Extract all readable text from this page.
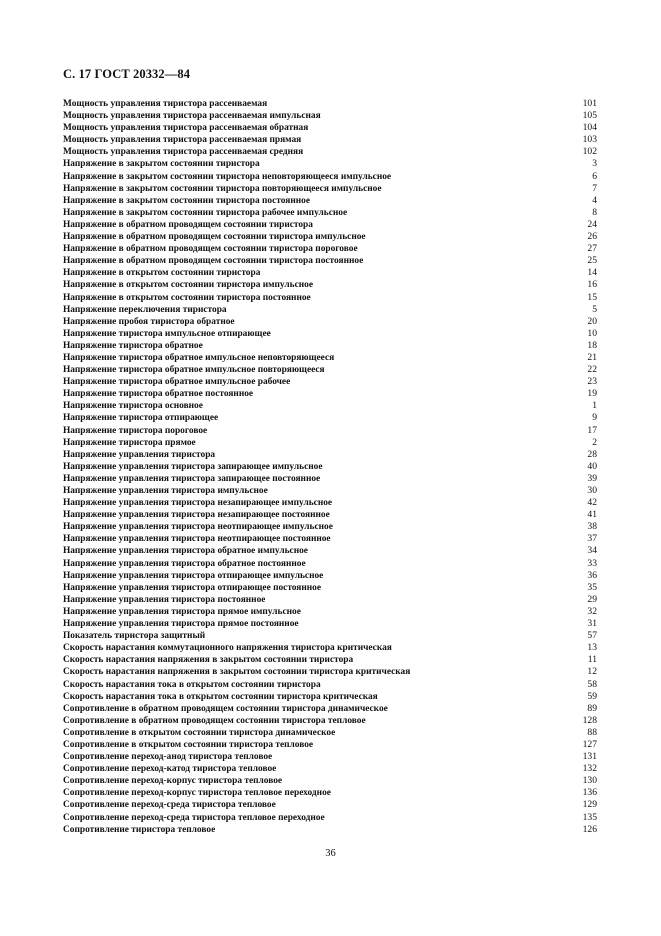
С. 17 ГОСТ 20332—84
Мощность управления тиристора рассеиваемая	101
Мощность управления тиристора рассеиваемая импульсная	105
Мощность управления тиристора рассеиваемая обратная	104
Мощность управления тиристора рассеиваемая прямая	103
Мощность управления тиристора рассеиваемая средняя	102
Напряжение в закрытом состоянии тиристора	3
Напряжение в закрытом состоянии тиристора неповторяющееся импульсное	6
Напряжение в закрытом состоянии тиристора повторяющееся импульсное	7
Напряжение в закрытом состоянии тиристора постоянное	4
Напряжение в закрытом состоянии тиристора рабочее импульсное	8
Напряжение в обратном проводящем состоянии тиристора	24
Напряжение в обратном проводящем состоянии тиристора импульсное	26
Напряжение в обратном проводящем состоянии тиристора пороговое	27
Напряжение в обратном проводящем состоянии тиристора постоянное	25
Напряжение в открытом состоянии тиристора	14
Напряжение в открытом состоянии тиристора импульсное	16
Напряжение в открытом состоянии тиристора постоянное	15
Напряжение переключения тиристора	5
Напряжение пробоя тиристора обратное	20
Напряжение тиристора импульсное отпирающее	10
Напряжение тиристора обратное	18
Напряжение тиристора обратное импульсное неповторяющееся	21
Напряжение тиристора обратное импульсное повторяющееся	22
Напряжение тиристора обратное импульсное рабочее	23
Напряжение тиристора обратное постоянное	19
Напряжение тиристора основное	1
Напряжение тиристора отпирающее	9
Напряжение тиристора пороговое	17
Напряжение тиристора прямое	2
Напряжение управления тиристора	28
Напряжение управления тиристора запирающее импульсное	40
Напряжение управления тиристора запирающее постоянное	39
Напряжение управления тиристора импульсное	30
Напряжение управления тиристора незапирающее импульсное	42
Напряжение управления тиристора незапирающее постоянное	41
Напряжение управления тиристора неотпирающее импульсное	38
Напряжение управления тиристора неотпирающее постоянное	37
Напряжение управления тиристора обратное импульсное	34
Напряжение управления тиристора обратное постоянное	33
Напряжение управления тиристора отпирающее импульсное	36
Напряжение управления тиристора отпирающее постоянное	35
Напряжение управления тиристора постоянное	29
Напряжение управления тиристора прямое импульсное	32
Напряжение управления тиристора прямое постоянное	31
Показатель тиристора защитный	57
Скорость нарастания коммутационного напряжения тиристора критическая	13
Скорость нарастания напряжения в закрытом состоянии тиристора	11
Скорость нарастания напряжения в закрытом состоянии тиристора критическая	12
Скорость нарастания тока в открытом состоянии тиристора	58
Скорость нарастания тока в открытом состоянии тиристора критическая	59
Сопротивление в обратном проводящем состоянии тиристора динамическое	89
Сопротивление в обратном проводящем состоянии тиристора тепловое	128
Сопротивление в открытом состоянии тиристора динамическое	88
Сопротивление в открытом состоянии тиристора тепловое	127
Сопротивление переход-анод тиристора тепловое	131
Сопротивление переход-катод тиристора тепловое	132
Сопротивление переход-корпус тиристора тепловое	130
Сопротивление переход-корпус тиристора тепловое переходное	136
Сопротивление переход-среда тиристора тепловое	129
Сопротивление переход-среда тиристора тепловое переходное	135
Сопротивление тиристора тепловое	126
36
